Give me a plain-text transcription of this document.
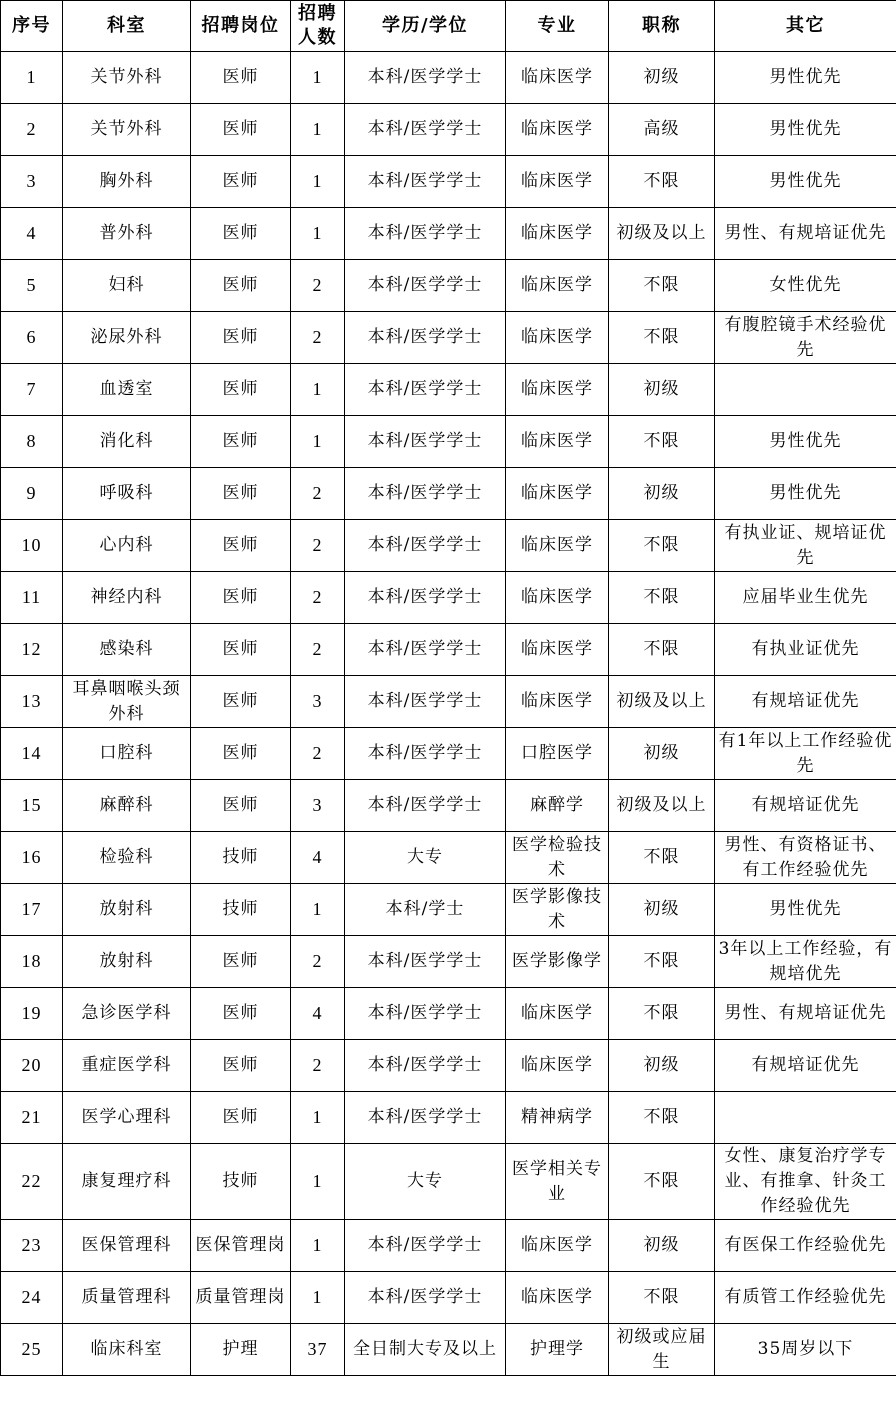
序号	科室	招聘岗位	招聘人数	学历/学位	专业	职称	其它
1	关节外科	医师	1	本科/医学学士	临床医学	初级	男性优先
2	关节外科	医师	1	本科/医学学士	临床医学	高级	男性优先
3	胸外科	医师	1	本科/医学学士	临床医学	不限	男性优先
4	普外科	医师	1	本科/医学学士	临床医学	初级及以上	男性、有规培证优先
5	妇科	医师	2	本科/医学学士	临床医学	不限	女性优先
6	泌尿外科	医师	2	本科/医学学士	临床医学	不限	有腹腔镜手术经验优先
7	血透室	医师	1	本科/医学学士	临床医学	初级	
8	消化科	医师	1	本科/医学学士	临床医学	不限	男性优先
9	呼吸科	医师	2	本科/医学学士	临床医学	初级	男性优先
10	心内科	医师	2	本科/医学学士	临床医学	不限	有执业证、规培证优先
11	神经内科	医师	2	本科/医学学士	临床医学	不限	应届毕业生优先
12	感染科	医师	2	本科/医学学士	临床医学	不限	有执业证优先
13	耳鼻咽喉头颈外科	医师	3	本科/医学学士	临床医学	初级及以上	有规培证优先
14	口腔科	医师	2	本科/医学学士	口腔医学	初级	有1年以上工作经验优先
15	麻醉科	医师	3	本科/医学学士	麻醉学	初级及以上	有规培证优先
16	检验科	技师	4	大专	医学检验技术	不限	男性、有资格证书、有工作经验优先
17	放射科	技师	1	本科/学士	医学影像技术	初级	男性优先
18	放射科	医师	2	本科/医学学士	医学影像学	不限	3年以上工作经验，有规培优先
19	急诊医学科	医师	4	本科/医学学士	临床医学	不限	男性、有规培证优先
20	重症医学科	医师	2	本科/医学学士	临床医学	初级	有规培证优先
21	医学心理科	医师	1	本科/医学学士	精神病学	不限	
22	康复理疗科	技师	1	大专	医学相关专业	不限	女性、康复治疗学专业、有推拿、针灸工作经验优先
23	医保管理科	医保管理岗	1	本科/医学学士	临床医学	初级	有医保工作经验优先
24	质量管理科	质量管理岗	1	本科/医学学士	临床医学	不限	有质管工作经验优先
25	临床科室	护理	37	全日制大专及以上	护理学	初级或应届生	35周岁以下
